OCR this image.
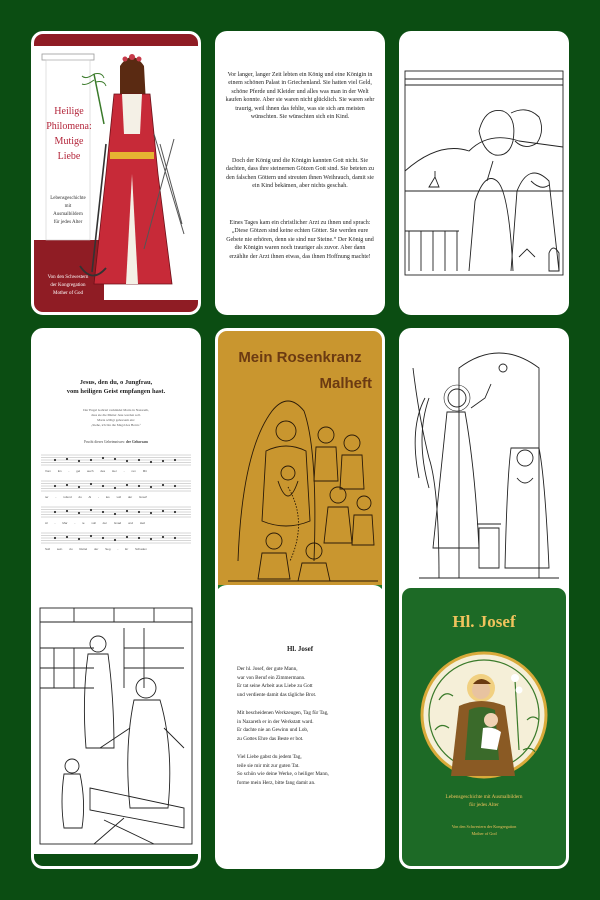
Heilige
Philomena:
Mutige
Liebe
Lebensgeschichte
mit
Ausmalbildern
für jedes Alter
Von den Schwestern
der Kongregation
Mother of God
Vor langer, langer Zeit lebten ein König und eine Königin in einem schönen Palast in Griechenland. Sie hatten viel Geld, schöne Pferde und Kleider und alles was man in der Welt kaufen konnte. Aber sie waren nicht glücklich. Sie waren sehr traurig, weil ihnen das fehlte, was sie sich am meisten wünschten. Sie wünschten sich ein Kind.
Doch der König und die Königin kannten Gott nicht. Sie dachten, dass ihre steinernen Götzen Gott sind. Sie beteten zu den falschen Göttern und streuten ihnen Weihrauch, damit sie ein Kind bekämen, aber nichts geschah.
Eines Tages kam ein christlicher Arzt zu ihnen und sprach: „Diese Götzen sind keine echten Götter. Sie werden eure Gebete nie erhören, denn sie sind nur Steine.“ Der König und die Königin waren noch trauriger als zuvor. Aber dann erzählte der Arzt ihnen etwas, das ihnen Hoffnung machte!
Jesus, den du, o Jungfrau,
vom heiligen Geist empfangen hast.
Der Engel Gabriel verkündet Maria in Nazareth,
dass sie die Mutter Jesu werden soll.
Maria willigt gehorsam ein:
„Siehe, ich bin die Magd des Herrn.“
Frucht dieses Geheimnisses: der Gehorsam
Vom En - gel auch des Her - ren Mit
ter - rufend du Al - les voll der Gnad'
Al - Mar - ie voll der Gnad und Heil
Soll sein du Rettel der Seg - Er Schaden
Mein Rosenkranz
Malheft
Hl. Josef
Der hl. Josef, der gute Mann,
war von Beruf ein Zimmermann.
Er tat seine Arbeit aus Liebe zu Gott
und verdiente damit das tägliche Brot.
Mit bescheidenen Werkzeugen, Tag für Tag,
in Nazareth er in der Werkstatt ward.
Er dachte nie an Gewinn und Lob,
zu Gottes Ehre das Beste er bot.
Viel Liebe gabst du jedem Tag,
teile sie mir mit zur guten Tat.
So schön wie deine Werke, o heiliger Mann,
forme mein Herz, bitte fang damit an.
Hl. Josef
Lebensgeschichte mit Ausmalbildern
für jedes Alter
Von den Schwestern der Kongregation
Mother of God
